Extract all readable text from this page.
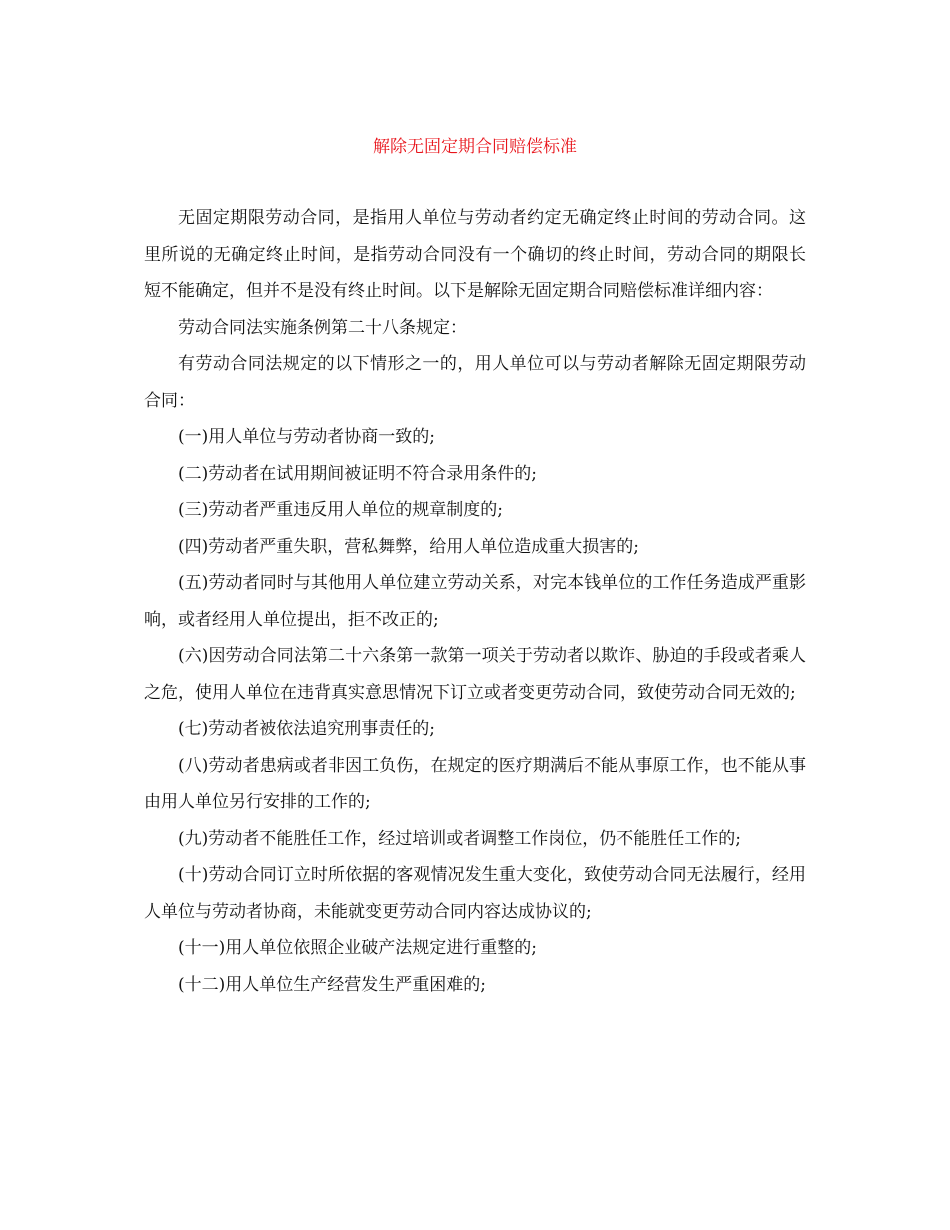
解除无固定期合同赔偿标准

无固定期限劳动合同，是指用人单位与劳动者约定无确定终止时间的劳动合同。这里所说的无确定终止时间，是指劳动合同没有一个确切的终止时间，劳动合同的期限长短不能确定，但并不是没有终止时间。以下是解除无固定期合同赔偿标准详细内容：

劳动合同法实施条例第二十八条规定：

有劳动合同法规定的以下情形之一的，用人单位可以与劳动者解除无固定期限劳动合同：

(一)用人单位与劳动者协商一致的;

(二)劳动者在试用期间被证明不符合录用条件的;

(三)劳动者严重违反用人单位的规章制度的;

(四)劳动者严重失职，营私舞弊，给用人单位造成重大损害的;

(五)劳动者同时与其他用人单位建立劳动关系，对完本钱单位的工作任务造成严重影响，或者经用人单位提出，拒不改正的;

(六)因劳动合同法第二十六条第一款第一项关于劳动者以欺诈、胁迫的手段或者乘人之危，使用人单位在违背真实意思情况下订立或者变更劳动合同，致使劳动合同无效的;

(七)劳动者被依法追究刑事责任的;

(八)劳动者患病或者非因工负伤，在规定的医疗期满后不能从事原工作，也不能从事由用人单位另行安排的工作的;

(九)劳动者不能胜任工作，经过培训或者调整工作岗位，仍不能胜任工作的;

(十)劳动合同订立时所依据的客观情况发生重大变化，致使劳动合同无法履行，经用人单位与劳动者协商，未能就变更劳动合同内容达成协议的;

(十一)用人单位依照企业破产法规定进行重整的;

(十二)用人单位生产经营发生严重困难的;
